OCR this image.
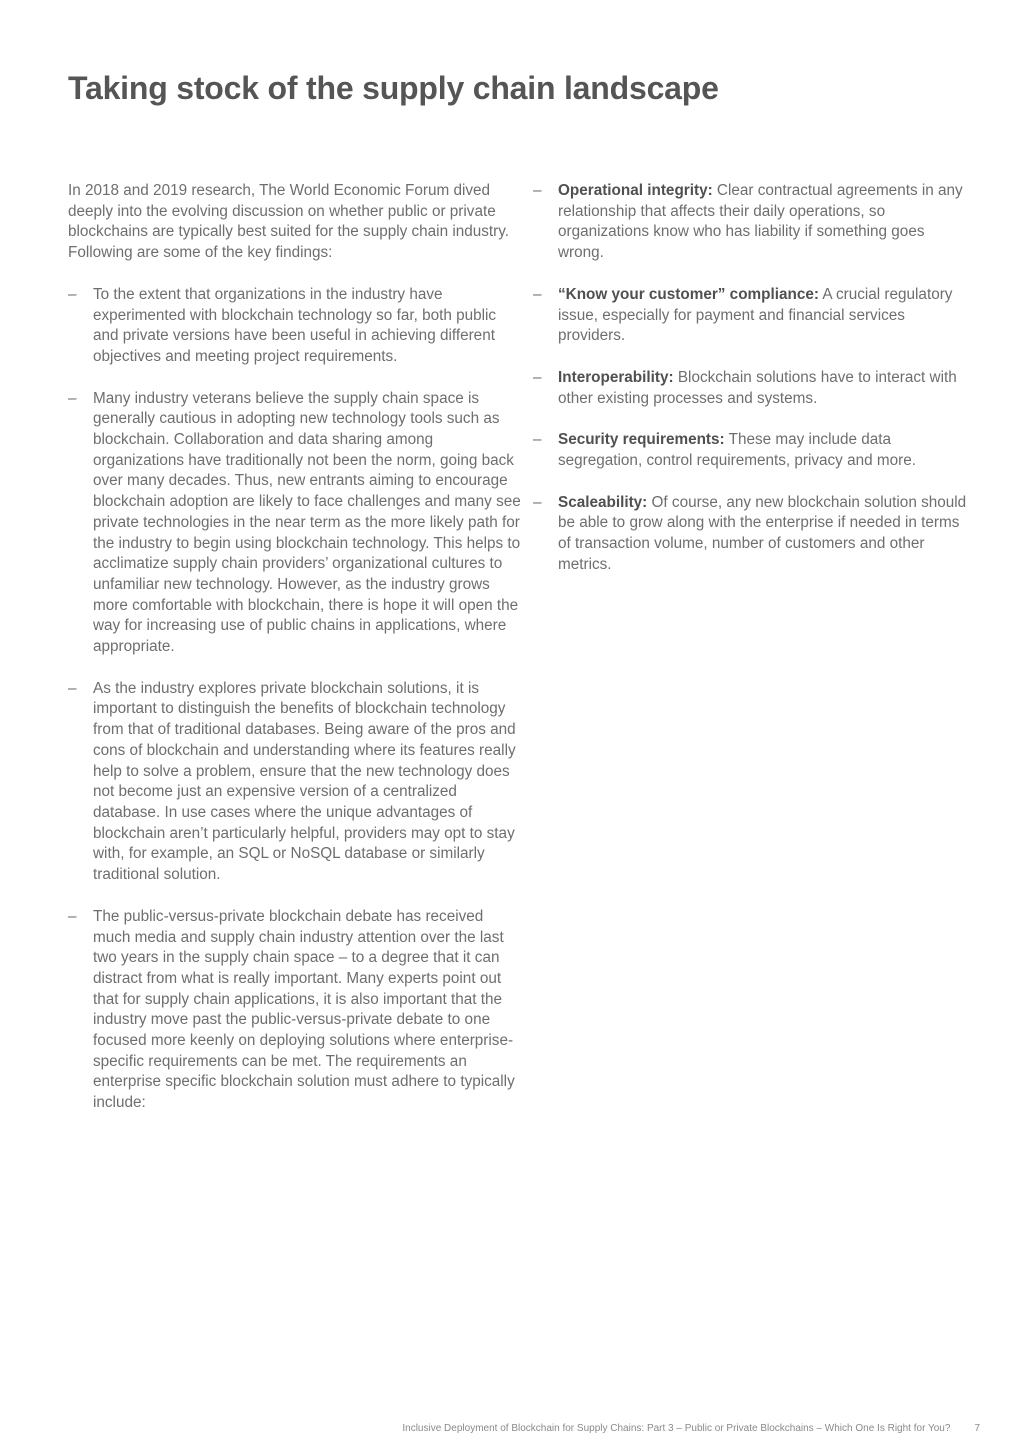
Taking stock of the supply chain landscape

In 2018 and 2019 research, The World Economic Forum dived deeply into the evolving discussion on whether public or private blockchains are typically best suited for the supply chain industry. Following are some of the key findings:

– To the extent that organizations in the industry have experimented with blockchain technology so far, both public and private versions have been useful in achieving different objectives and meeting project requirements.
– Many industry veterans believe the supply chain space is generally cautious in adopting new technology tools such as blockchain. Collaboration and data sharing among organizations have traditionally not been the norm, going back over many decades. Thus, new entrants aiming to encourage blockchain adoption are likely to face challenges and many see private technologies in the near term as the more likely path for the industry to begin using blockchain technology. This helps to acclimatize supply chain providers’ organizational cultures to unfamiliar new technology. However, as the industry grows more comfortable with blockchain, there is hope it will open the way for increasing use of public chains in applications, where appropriate.
– As the industry explores private blockchain solutions, it is important to distinguish the benefits of blockchain technology from that of traditional databases. Being aware of the pros and cons of blockchain and understanding where its features really help to solve a problem, ensure that the new technology does not become just an expensive version of a centralized database. In use cases where the unique advantages of blockchain aren’t particularly helpful, providers may opt to stay with, for example, an SQL or NoSQL database or similarly traditional solution.
– The public-versus-private blockchain debate has received much media and supply chain industry attention over the last two years in the supply chain space – to a degree that it can distract from what is really important. Many experts point out that for supply chain applications, it is also important that the industry move past the public-versus-private debate to one focused more keenly on deploying solutions where enterprise-specific requirements can be met. The requirements an enterprise specific blockchain solution must adhere to typically include:
– Operational integrity: Clear contractual agreements in any relationship that affects their daily operations, so organizations know who has liability if something goes wrong.
– “Know your customer” compliance: A crucial regulatory issue, especially for payment and financial services providers.
– Interoperability: Blockchain solutions have to interact with other existing processes and systems.
– Security requirements: These may include data segregation, control requirements, privacy and more.
– Scaleability: Of course, any new blockchain solution should be able to grow along with the enterprise if needed in terms of transaction volume, number of customers and other metrics.
Inclusive Deployment of Blockchain for Supply Chains: Part 3 – Public or Private Blockchains – Which One Is Right for You? 7
